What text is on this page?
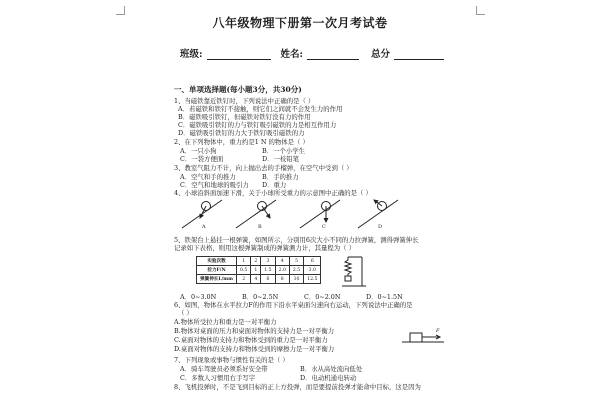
八年级物理下册第一次月考试卷
班级:	姓名:	总分
一、单项选择题(每小题3分，共30分)
1、当磁铁靠近铁钉时，下列说法中正确的是（ ）
A．若磁铁和铁钉不接触，则它们之间就不会发生力的作用
B．磁铁吸引铁钉，但磁铁对铁钉没有力的作用
C．磁铁吸引铁钉的力与铁钉吸引磁铁的力是相互作用力
D．磁铁吸引铁钉的力大于铁钉吸引磁铁的力
2、在下列物体中，重力约是1 N 的物体是（ ）
A．一只小狗	B．一个小学生
C．一袋方便面	D．一枝铅笔
3、教室气阻力不计，向上抛出去的手榴弹，在空气中受到（ ）
A．空气和手的推力	B．手的推力
C．空气和地球的吸引力 D．重力
4、小球沿斜面加速下滑，关于小球所受重力的示意图中正确的是（ ）
A	B	C	D
5、铁架台上悬挂一根弹簧，如图所示，分别用6次大小不同的力拉弹簧，测得弹簧伸长
记录如下表格，则用这根弹簧制成的弹簧测力计，其量程为（ ）
实验次数	1	2	3	4	5	6
拉力F/N	0.5	1	1.5	2.0	2.5	3.0
弹簧伸长L/mm	2	4	6	8	10	12.5
A．0~3.0N	B．0~2.5N	C．0~2.0N	D．0~1.5N
6、如图，物体在水平拉力F的作用下沿水平桌面匀速向右运动，下列说法中正确的是
（ ）
A.物体所受拉力和重力是一对平衡力
B.物体对桌面的压力和桌面对物体的支持力是一对平衡力
C.桌面对物体的支持力和物体受到的重力是一对平衡力
D.桌面对物体的支持力和物体受到的摩擦力是一对平衡力
F
7、下列现象或事物与惯性有关的是（ ）
A．骑车驾驶员必须系好安全带	B．水从高处流向低处
C．多数人习惯用右手写字	D．电动机通电转动
8、飞机投弹时，不是飞到目标的正上方投弹，而是要提前投弹才能命中目标，这是因为
